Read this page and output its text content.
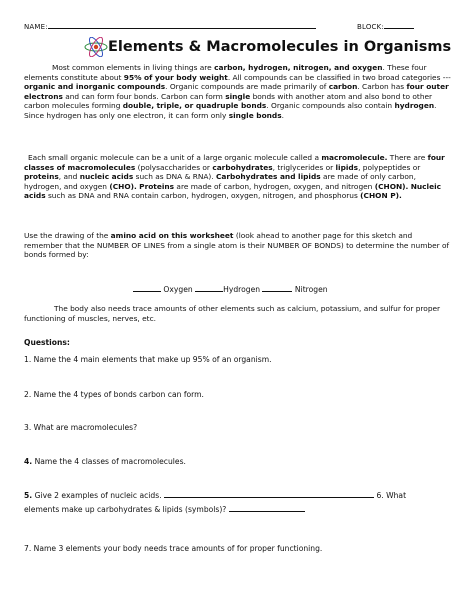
NAME:	BLOCK:
Elements & Macromolecules in Organisms
Most common elements in living things are carbon, hydrogen, nitrogen, and oxygen. These four elements constitute about 95% of your body weight. All compounds can be classified in two broad categories --- organic and inorganic compounds. Organic compounds are made primarily of carbon. Carbon has four outer electrons and can form four bonds. Carbon can form single bonds with another atom and also bond to other carbon molecules forming double, triple, or quadruple bonds. Organic compounds also contain hydrogen. Since hydrogen has only one electron, it can form only single bonds.
Each small organic molecule can be a unit of a large organic molecule called a macromolecule. There are four classes of macromolecules (polysaccharides or carbohydrates, triglycerides or lipids, polypeptides or proteins, and nucleic acids such as DNA & RNA). Carbohydrates and lipids are made of only carbon, hydrogen, and oxygen (CHO). Proteins are made of carbon, hydrogen, oxygen, and nitrogen (CHON). Nucleic acids such as DNA and RNA contain carbon, hydrogen, oxygen, nitrogen, and phosphorus (CHON P).
Use the drawing of the amino acid on this worksheet (look ahead to another page for this sketch and remember that the NUMBER OF LINES from a single atom is their NUMBER OF BONDS) to determine the number of bonds formed by:
Oxygen	Hydrogen	Nitrogen
The body also needs trace amounts of other elements such as calcium, potassium, and sulfur for proper functioning of muscles, nerves, etc.
Questions:
1. Name the 4 main elements that make up 95% of an organism.
2. Name the 4 types of bonds carbon can form.
3. What are macromolecules?
4. Name the 4 classes of macromolecules.
5. Give 2 examples of nucleic acids.	6. What
elements make up carbohydrates & lipids (symbols)?
7. Name 3 elements your body needs trace amounts of for proper functioning.
